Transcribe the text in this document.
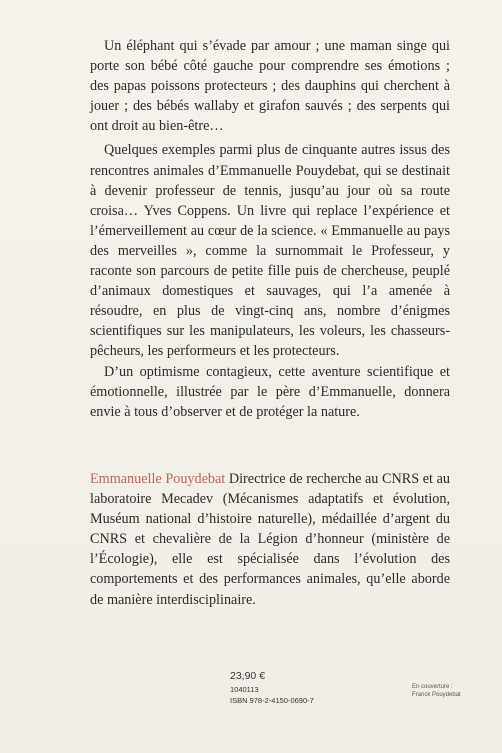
Un éléphant qui s’évade par amour ; une maman singe qui porte son bébé côté gauche pour comprendre ses émotions ; des papas poissons protecteurs ; des dauphins qui cherchent à jouer ; des bébés wallaby et girafon sauvés ; des serpents qui ont droit au bien-être…

Quelques exemples parmi plus de cinquante autres issus des rencontres animales d’Emmanuelle Pouydebat, qui se destinait à devenir professeur de tennis, jusqu’au jour où sa route croisa… Yves Coppens. Un livre qui replace l’expérience et l’émerveillement au cœur de la science. « Emmanuelle au pays des merveilles », comme la surnommait le Professeur, y raconte son parcours de petite fille puis de chercheuse, peuplé d’animaux domestiques et sauvages, qui l’a amenée à résoudre, en plus de vingt-cinq ans, nombre d’énigmes scientifiques sur les manipulateurs, les voleurs, les chasseurs-pêcheurs, les performeurs et les protecteurs.

D’un optimisme contagieux, cette aventure scientifique et émotionnelle, illustrée par le père d’Emmanuelle, donnera envie à tous d’observer et de protéger la nature.

Emmanuelle Pouydebat Directrice de recherche au CNRS et au laboratoire Mecadev (Mécanismes adaptatifs et évolution, Muséum national d’histoire naturelle), médaillée d’argent du CNRS et chevalière de la Légion d’honneur (ministère de l’Écologie), elle est spécialisée dans l’évolution des comportements et des performances animales, qu’elle aborde de manière interdisciplinaire.
23,90 €
1040113
ISBN 978-2-4150-0690-7
En couverture :
Franck Pouydebat
